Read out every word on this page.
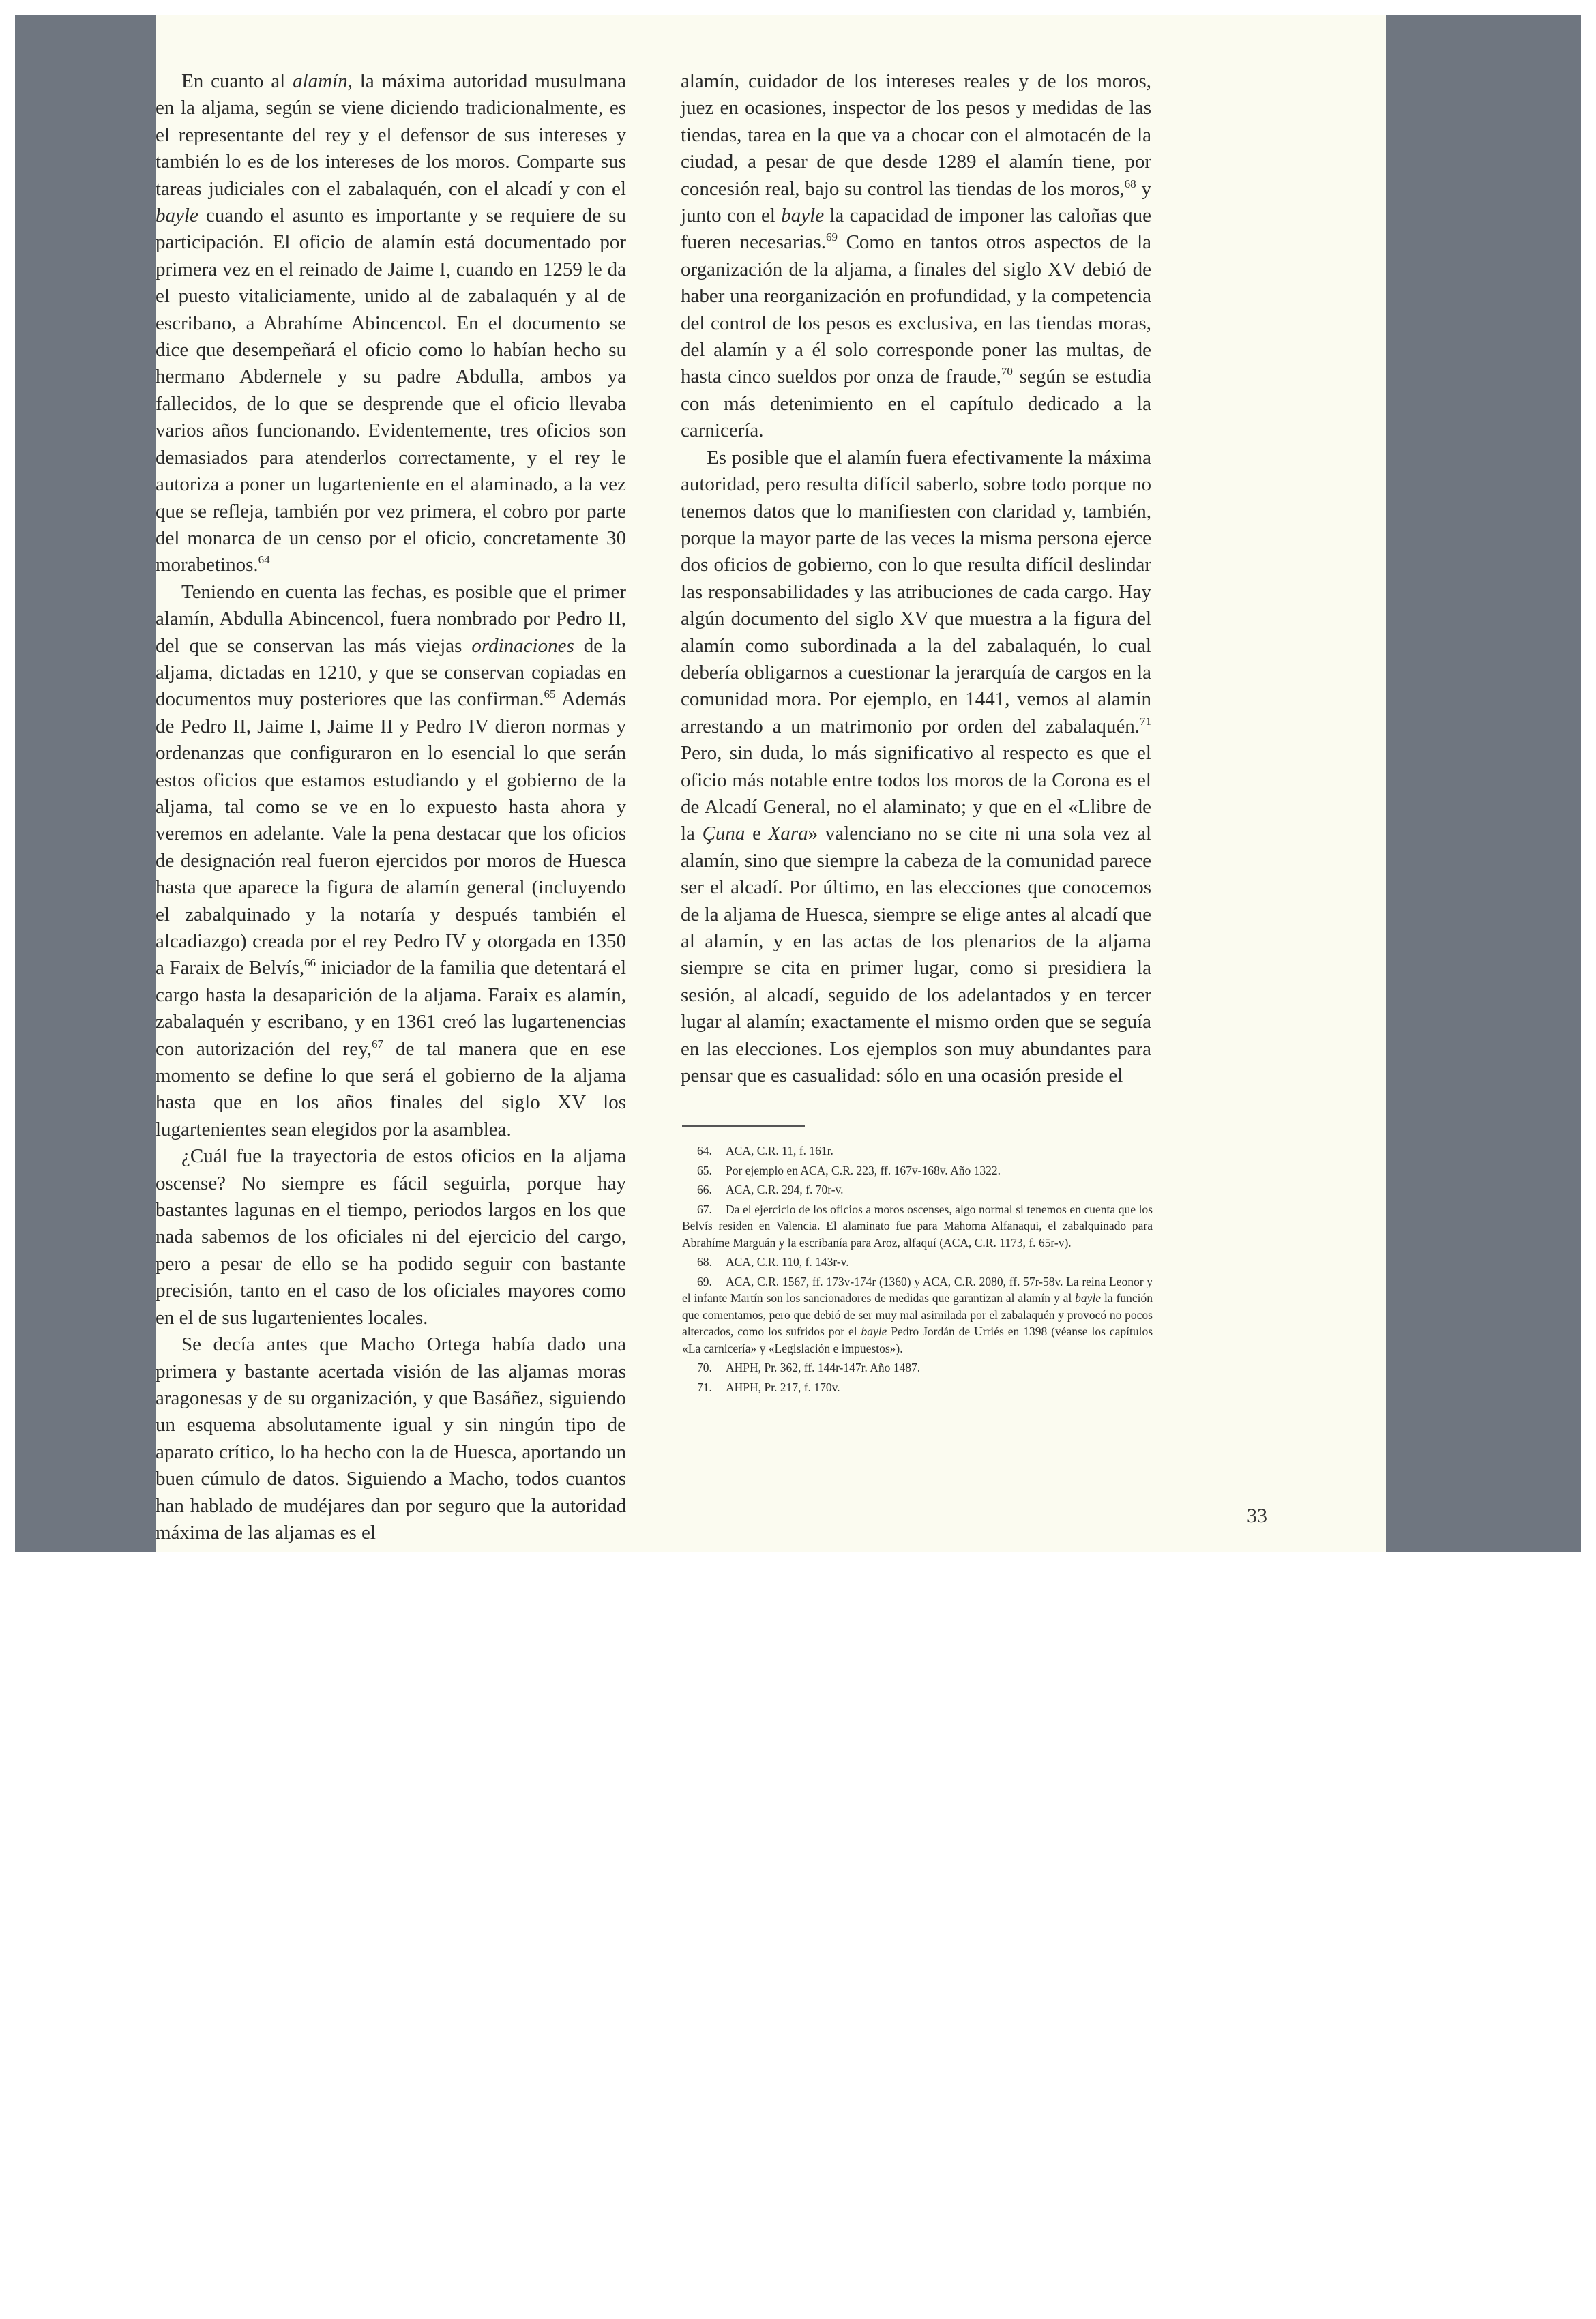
En cuanto al alamín, la máxima autoridad musulmana en la aljama, según se viene diciendo tradicionalmente, es el representante del rey y el defensor de sus intereses y también lo es de los intereses de los moros. Comparte sus tareas judiciales con el zabalaquén, con el alcadí y con el bayle cuando el asunto es importante y se requiere de su participación. El oficio de alamín está documentado por primera vez en el reinado de Jaime I, cuando en 1259 le da el puesto vitaliciamente, unido al de zabalaquén y al de escribano, a Abrahíme Abincencol. En el documento se dice que desempeñará el oficio como lo habían hecho su hermano Abdernele y su padre Abdulla, ambos ya fallecidos, de lo que se desprende que el oficio llevaba varios años funcionando. Evidentemente, tres oficios son demasiados para atenderlos correctamente, y el rey le autoriza a poner un lugarteniente en el alaminado, a la vez que se refleja, también por vez primera, el cobro por parte del monarca de un censo por el oficio, concretamente 30 morabetinos.$^{64}$

Teniendo en cuenta las fechas, es posible que el primer alamín, Abdulla Abincencol, fuera nombrado por Pedro II, del que se conservan las más viejas ordinaciones de la aljama, dictadas en 1210, y que se conservan copiadas en documentos muy posteriores que las confirman.$^{65}$ Además de Pedro II, Jaime I, Jaime II y Pedro IV dieron normas y ordenanzas que configuraron en lo esencial lo que serán estos oficios que estamos estudiando y el gobierno de la aljama, tal como se ve en lo expuesto hasta ahora y veremos en adelante. Vale la pena destacar que los oficios de designación real fueron ejercidos por moros de Huesca hasta que aparece la figura de alamín general (incluyendo el zabalquinado y la notaría y después también el alcadiazgo) creada por el rey Pedro IV y otorgada en 1350 a Faraix de Belvís,$^{66}$ iniciador de la familia que detentará el cargo hasta la desaparición de la aljama. Faraix es alamín, zabalaquén y escribano, y en 1361 creó las lugartenencias con autorización del rey,$^{67}$ de tal manera que en ese momento se define lo que será el gobierno de la aljama hasta que en los años finales del siglo XV los lugartenientes sean elegidos por la asamblea.

¿Cuál fue la trayectoria de estos oficios en la aljama oscense? No siempre es fácil seguirla, porque hay bastantes lagunas en el tiempo, periodos largos en los que nada sabemos de los oficiales ni del ejercicio del cargo, pero a pesar de ello se ha podido seguir con bastante precisión, tanto en el caso de los oficiales mayores como en el de sus lugartenientes locales.

Se decía antes que Macho Ortega había dado una primera y bastante acertada visión de las aljamas moras aragonesas y de su organización, y que Basáñez, siguiendo un esquema absolutamente igual y sin ningún tipo de aparato crítico, lo ha hecho con la de Huesca, aportando un buen cúmulo de datos. Siguiendo a Macho, todos cuantos han hablado de mudéjares dan por seguro que la autoridad máxima de las aljamas es el

alamín, cuidador de los intereses reales y de los moros, juez en ocasiones, inspector de los pesos y medidas de las tiendas, tarea en la que va a chocar con el almotacén de la ciudad, a pesar de que desde 1289 el alamín tiene, por concesión real, bajo su control las tiendas de los moros,$^{68}$ y junto con el bayle la capacidad de imponer las caloñas que fueren necesarias.$^{69}$ Como en tantos otros aspectos de la organización de la aljama, a finales del siglo XV debió de haber una reorganización en profundidad, y la competencia del control de los pesos es exclusiva, en las tiendas moras, del alamín y a él solo corresponde poner las multas, de hasta cinco sueldos por onza de fraude,$^{70}$ según se estudia con más detenimiento en el capítulo dedicado a la carnicería.

Es posible que el alamín fuera efectivamente la máxima autoridad, pero resulta difícil saberlo, sobre todo porque no tenemos datos que lo manifiesten con claridad y, también, porque la mayor parte de las veces la misma persona ejerce dos oficios de gobierno, con lo que resulta difícil deslindar las responsabilidades y las atribuciones de cada cargo. Hay algún documento del siglo XV que muestra a la figura del alamín como subordinada a la del zabalaquén, lo cual debería obligarnos a cuestionar la jerarquía de cargos en la comunidad mora. Por ejemplo, en 1441, vemos al alamín arrestando a un matrimonio por orden del zabalaquén.$^{71}$ Pero, sin duda, lo más significativo al respecto es que el oficio más notable entre todos los moros de la Corona es el de Alcadí General, no el alaminato; y que en el «Llibre de la Çuna e Xara» valenciano no se cite ni una sola vez al alamín, sino que siempre la cabeza de la comunidad parece ser el alcadí. Por último, en las elecciones que conocemos de la aljama de Huesca, siempre se elige antes al alcadí que al alamín, y en las actas de los plenarios de la aljama siempre se cita en primer lugar, como si presidiera la sesión, al alcadí, seguido de los adelantados y en tercer lugar al alamín; exactamente el mismo orden que se seguía en las elecciones. Los ejemplos son muy abundantes para pensar que es casualidad: sólo en una ocasión preside el

64. ACA, C.R. 11, f. 161r.

65. Por ejemplo en ACA, C.R. 223, ff. 167v-168v. Año 1322.

66. ACA, C.R. 294, f. 70r-v.

67. Da el ejercicio de los oficios a moros oscenses, algo normal si tenemos en cuenta que los Belvís residen en Valencia. El alaminato fue para Mahoma Alfanaqui, el zabalquinado para Abrahíme Marguán y la escribanía para Aroz, alfaquí (ACA, C.R. 1173, f. 65r-v).

68. ACA, C.R. 110, f. 143r-v.

69. ACA, C.R. 1567, ff. 173v-174r (1360) y ACA, C.R. 2080, ff. 57r-58v. La reina Leonor y el infante Martín son los sancionadores de medidas que garantizan al alamín y al bayle la función que comentamos, pero que debió de ser muy mal asimilada por el zabalaquén y provocó no pocos altercados, como los sufridos por el bayle Pedro Jordán de Urriés en 1398 (véanse los capítulos «La carnicería» y «Legislación e impuestos»).

70. AHPH, Pr. 362, ff. 144r-147r. Año 1487.

71. AHPH, Pr. 217, f. 170v.

33
